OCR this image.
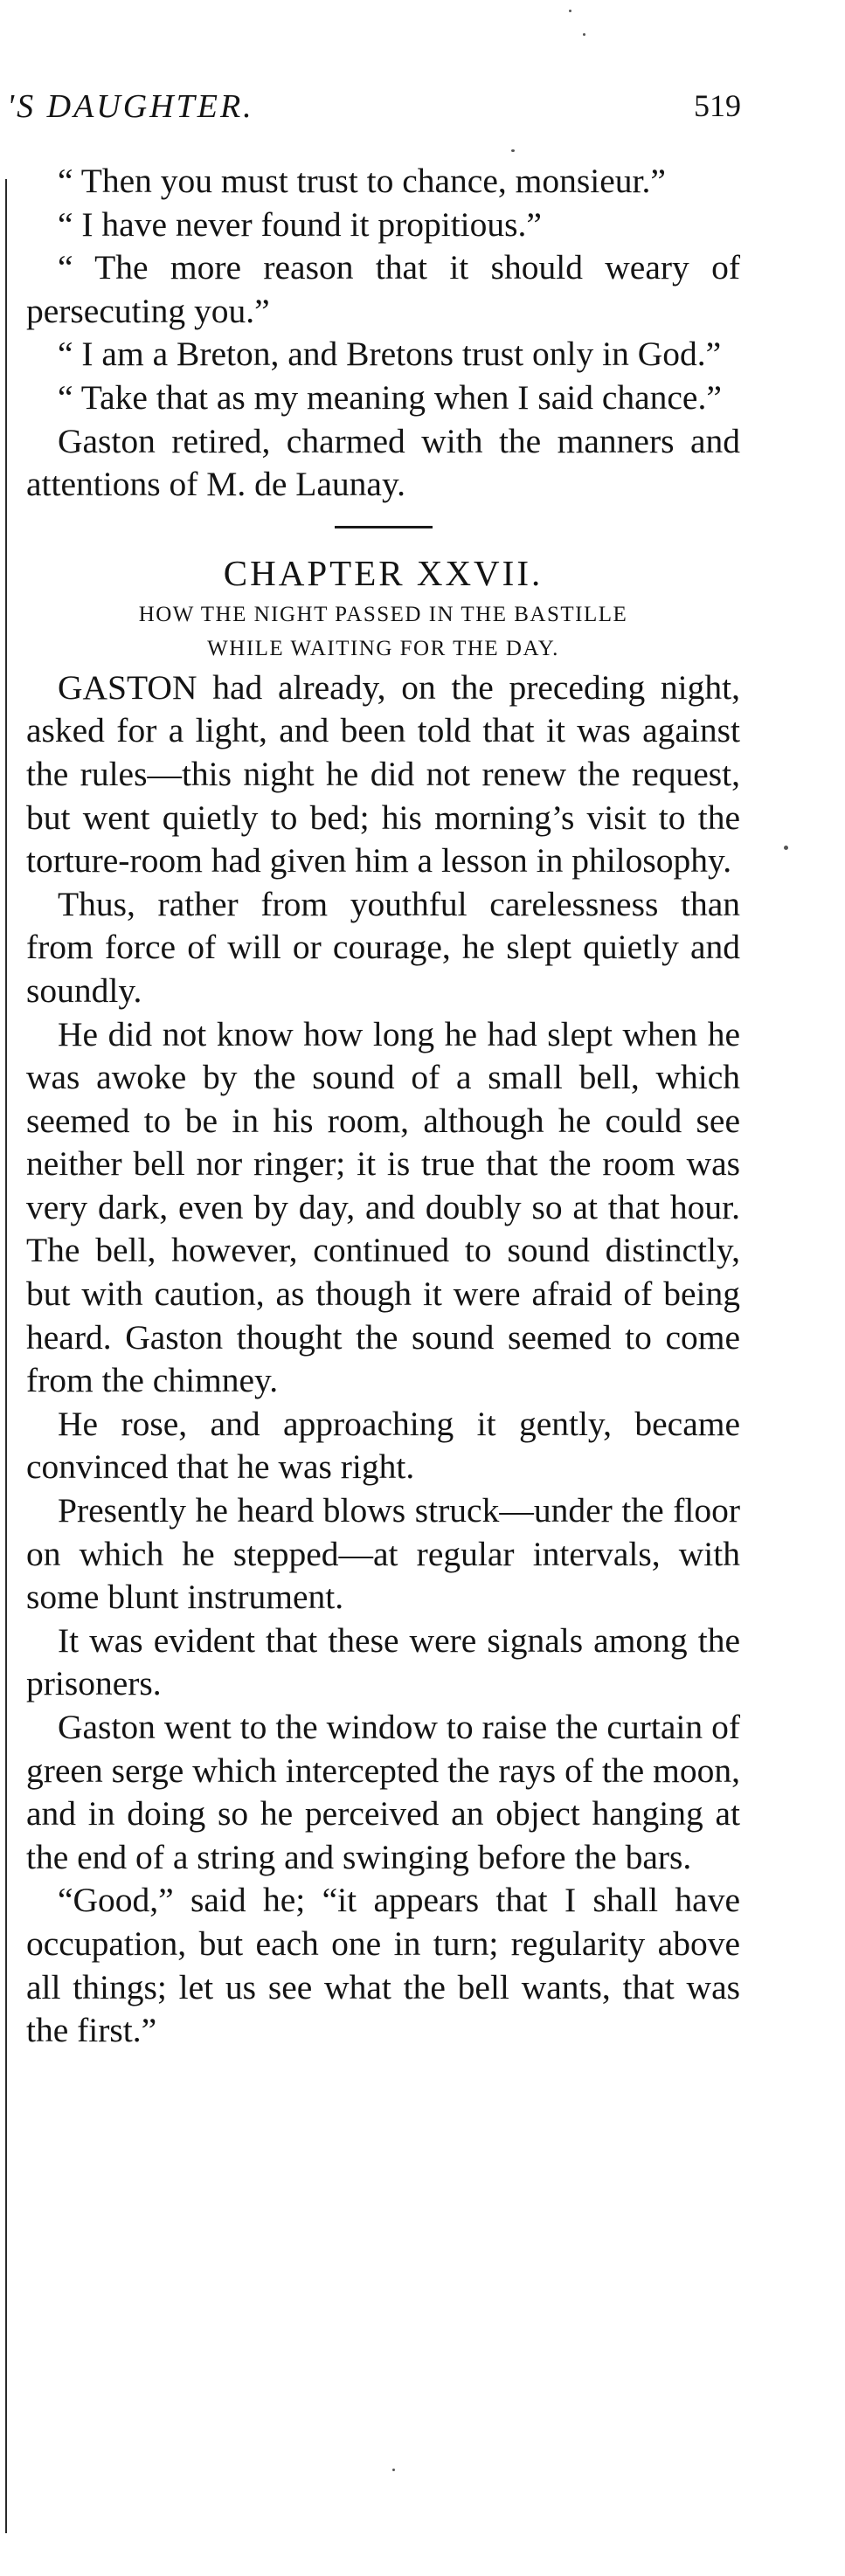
'S DAUGHTER.	519

“ Then you must trust to chance, monsieur.”

“ I have never found it propitious.”

“ The more reason that it should weary of persecuting you.”

“ I am a Breton, and Bretons trust only in God.”

“ Take that as my meaning when I said chance.”

Gaston retired, charmed with the manners and attentions of M. de Launay.

CHAPTER XXVII.
HOW THE NIGHT PASSED IN THE BASTILLE
WHILE WAITING FOR THE DAY.

GASTON had already, on the preceding night, asked for a light, and been told that it was against the rules—this night he did not renew the request, but went quietly to bed; his morning’s visit to the torture-room had given him a lesson in philosophy.

Thus, rather from youthful carelessness than from force of will or courage, he slept quietly and soundly.

He did not know how long he had slept when he was awoke by the sound of a small bell, which seemed to be in his room, although he could see neither bell nor ringer; it is true that the room was very dark, even by day, and doubly so at that hour. The bell, however, continued to sound distinctly, but with caution, as though it were afraid of being heard. Gaston thought the sound seemed to come from the chimney.

He rose, and approaching it gently, became convinced that he was right.

Presently he heard blows struck—under the floor on which he stepped—at regular intervals, with some blunt instrument.

It was evident that these were signals among the prisoners.

Gaston went to the window to raise the curtain of green serge which intercepted the rays of the moon, and in doing so he perceived an object hanging at the end of a string and swinging before the bars.

“Good,” said he; “it appears that I shall have occupation, but each one in turn; regularity above all things; let us see what the bell wants, that was the first.”
